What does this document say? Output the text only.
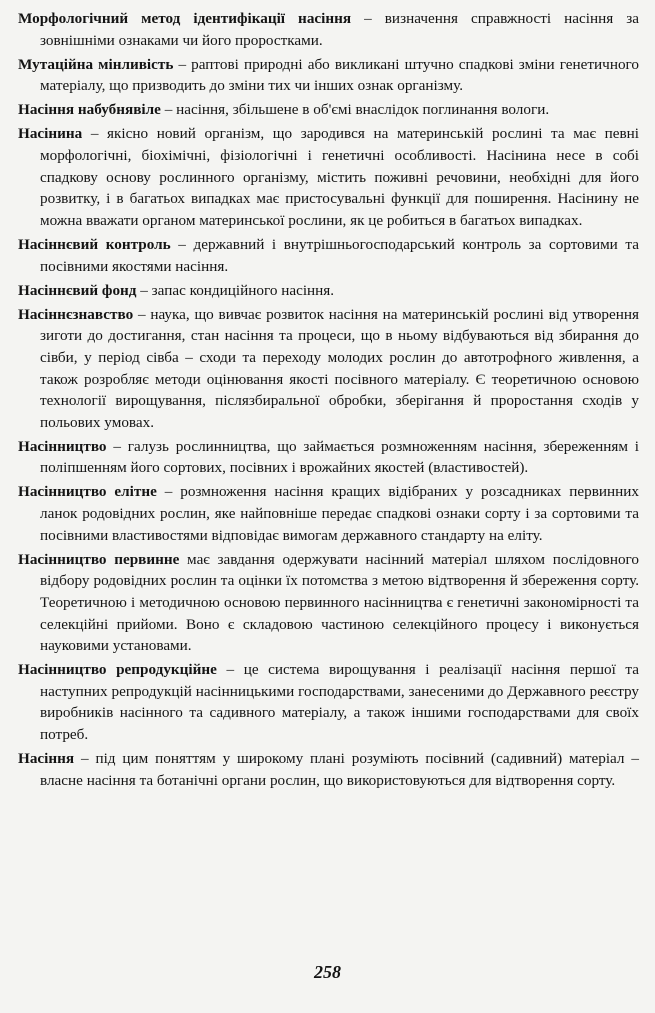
Морфологічний метод ідентифікації насіння – визначення справжності насіння за зовнішніми ознаками чи його проростками.

Мутаційна мінливість – раптові природні або викликані штучно спадкові зміни генетичного матеріалу, що призводить до зміни тих чи інших ознак організму.

Насіння набубнявіле – насіння, збільшене в об'ємі внаслідок поглинання вологи.

Насінина – якісно новий організм, що зародився на материнській рослині та має певні морфологічні, біохімічні, фізіологічні і генетичні особливості. Насінина несе в собі спадкову основу рослинного організму, містить поживні речовини, необхідні для його розвитку, і в багатьох випадках має пристосувальні функції для поширення. Насінину не можна вважати органом материнської рослини, як це робиться в багатьох випадках.

Насіннєвий контроль – державний і внутрішньогосподарський контроль за сортовими та посівними якостями насіння.

Насіннєвий фонд – запас кондиційного насіння.

Насіннєзнавство – наука, що вивчає розвиток насіння на материнській рослині від утворення зиготи до достигання, стан насіння та процеси, що в ньому відбуваються від збирання до сівби, у період сівба – сходи та переходу молодих рослин до автотрофного живлення, а також розробляє методи оцінювання якості посівного матеріалу. Є теоретичною основою технології вирощування, післязбиральної обробки, зберігання й проростання сходів у польових умовах.

Насінництво – галузь рослинництва, що займається розмноженням насіння, збереженням і поліпшенням його сортових, посівних і врожайних якостей (властивостей).

Насінництво елітне – розмноження насіння кращих відібраних у розсадниках первинних ланок родовідних рослин, яке найповніше передає спадкові ознаки сорту і за сортовими та посівними властивостями відповідає вимогам державного стандарту на еліту.

Насінництво первинне має завдання одержувати насінний матеріал шляхом послідовного відбору родовідних рослин та оцінки їх потомства з метою відтворення й збереження сорту. Теоретичною і методичною основою первинного насінництва є генетичні закономірності та селекційні прийоми. Воно є складовою частиною селекційного процесу і виконується науковими установами.

Насінництво репродукційне – це система вирощування і реалізації насіння першої та наступних репродукцій насінницькими господарствами, занесеними до Державного реєстру виробників насінного та садивного матеріалу, а також іншими господарствами для своїх потреб.

Насіння – під цим поняттям у широкому плані розуміють посівний (садивний) матеріал – власне насіння та ботанічні органи рослин, що використовуються для відтворення сорту.

258
